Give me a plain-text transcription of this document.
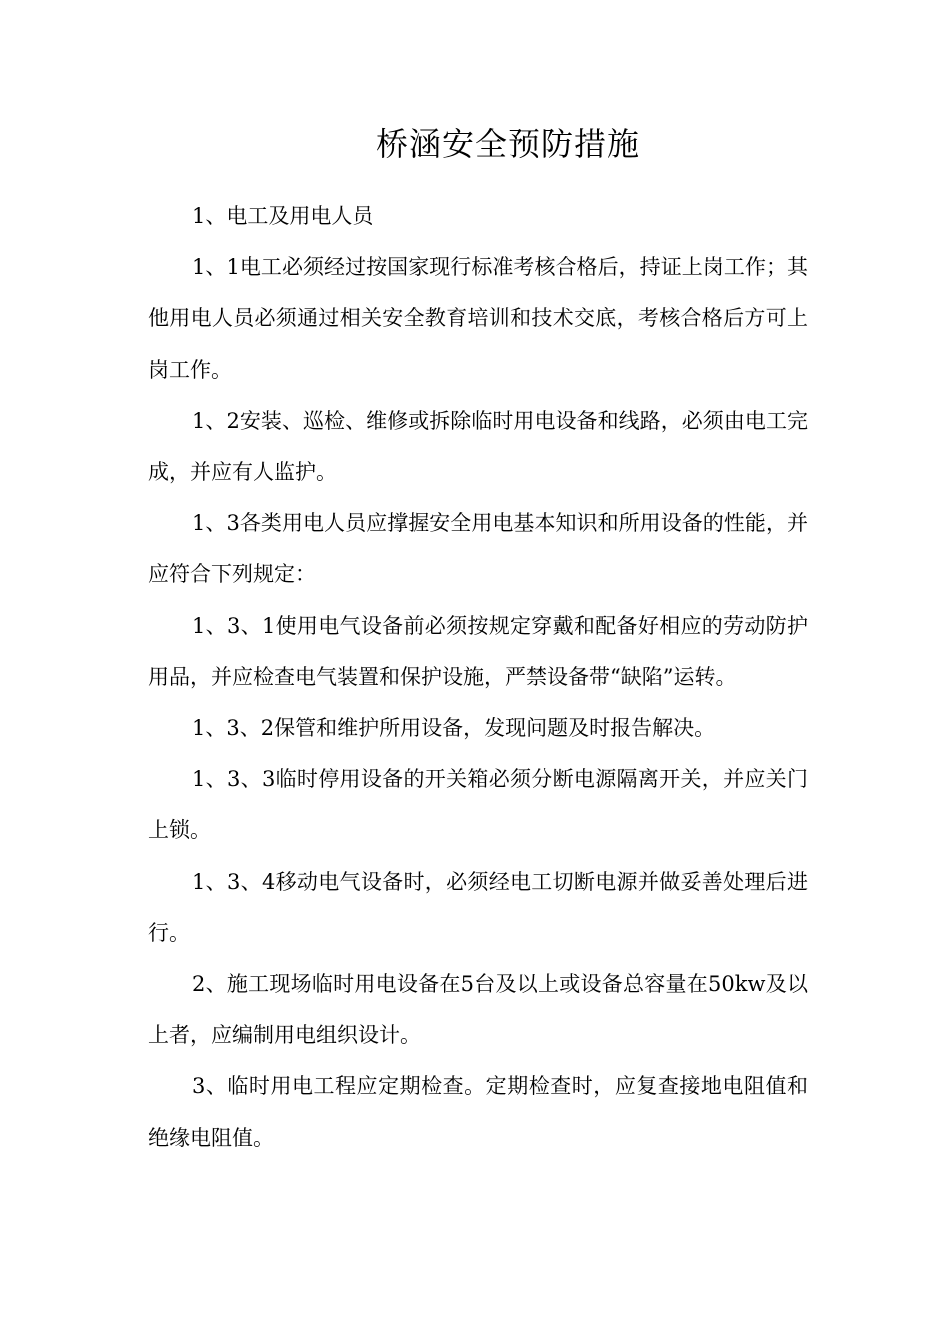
桥涵安全预防措施

1、电工及用电人员

1、1电工必须经过按国家现行标准考核合格后，持证上岗工作；其他用电人员必须通过相关安全教育培训和技术交底，考核合格后方可上岗工作。

1、2安装、巡检、维修或拆除临时用电设备和线路，必须由电工完成，并应有人监护。

1、3各类用电人员应撑握安全用电基本知识和所用设备的性能，并应符合下列规定：

1、3、1使用电气设备前必须按规定穿戴和配备好相应的劳动防护用品，并应检查电气装置和保护设施，严禁设备带“缺陷”运转。

1、3、2保管和维护所用设备，发现问题及时报告解决。

1、3、3临时停用设备的开关箱必须分断电源隔离开关，并应关门上锁。

1、3、4移动电气设备时，必须经电工切断电源并做妥善处理后进行。

2、施工现场临时用电设备在5台及以上或设备总容量在50kw及以上者，应编制用电组织设计。

3、临时用电工程应定期检查。定期检查时，应复查接地电阻值和绝缘电阻值。
